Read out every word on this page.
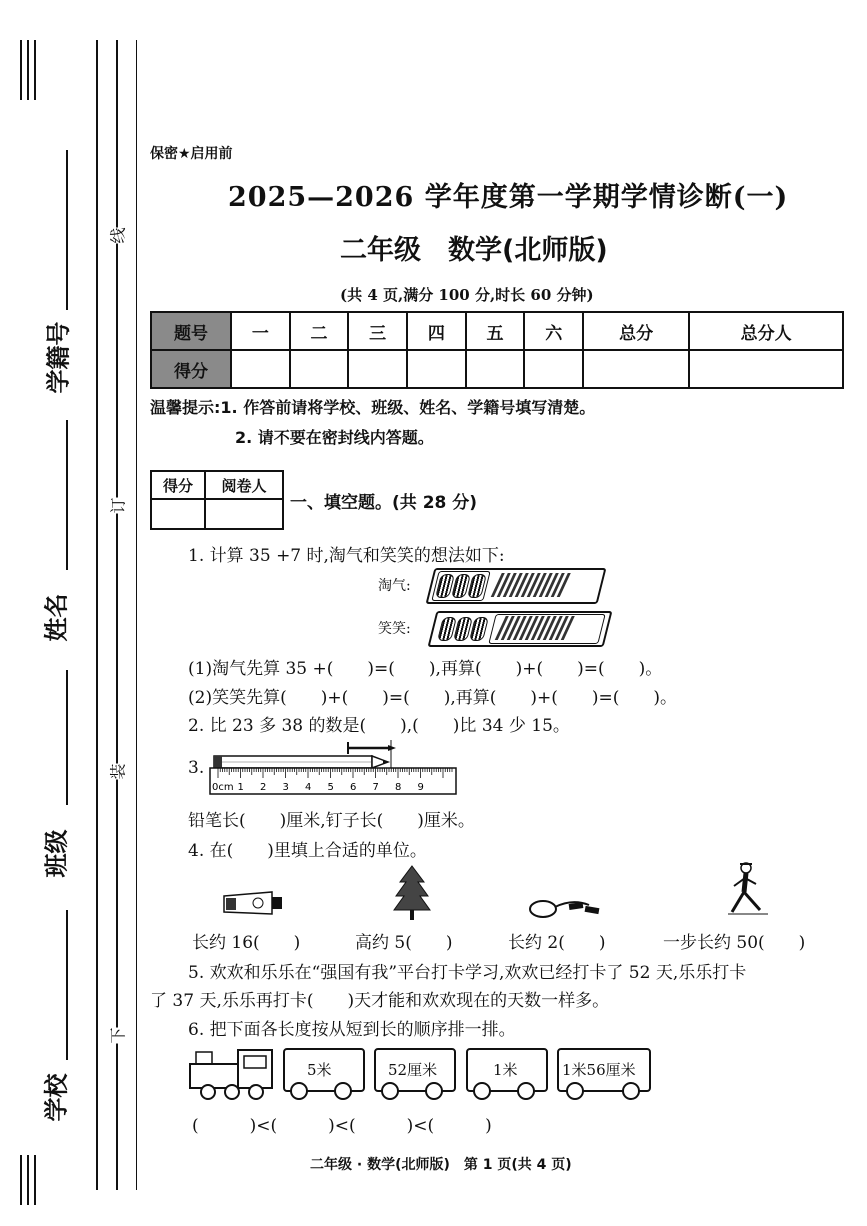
学籍号
姓名
班级
学校
线
订
装
下
保密★启用前
2025—2026 学年度第一学期学情诊断(一)
二年级　数学(北师版)
(共 4 页,满分 100 分,时长 60 分钟)
题号	一	二	三	四	五	六	总分	总分人
得分								
温馨提示:1. 作答前请将学校、班级、姓名、学籍号填写清楚。
2. 请不要在密封线内答题。
得分	阅卷人

一、填空题。(共 28 分)
1. 计算 35 +7 时,淘气和笑笑的想法如下:
淘气:
笑笑:
(1)淘气先算 35 +(　　)=(　　),再算(　　)+(　　)=(　　)。
(2)笑笑先算(　　)+(　　)=(　　),再算(　　)+(　　)=(　　)。
2. 比 23 多 38 的数是(　　),(　　)比 34 少 15。
3.
0cm 1 2 3 4 5 6 7 8 9
铅笔长(　　)厘米,钉子长(　　)厘米。
4. 在(　　)里填上合适的单位。
长约 16(　　)	高约 5(　　)	长约 2(　　)	一步长约 50(　　)
5. 欢欢和乐乐在“强国有我”平台打卡学习,欢欢已经打卡了 52 天,乐乐打卡
了 37 天,乐乐再打卡(　　)天才能和欢欢现在的天数一样多。
6. 把下面各长度按从短到长的顺序排一排。
5米	52厘米	1米	1米56厘米
(　　　)<(　　　)<(　　　)<(　　　)
二年级 · 数学(北师版)　第 1 页(共 4 页)
